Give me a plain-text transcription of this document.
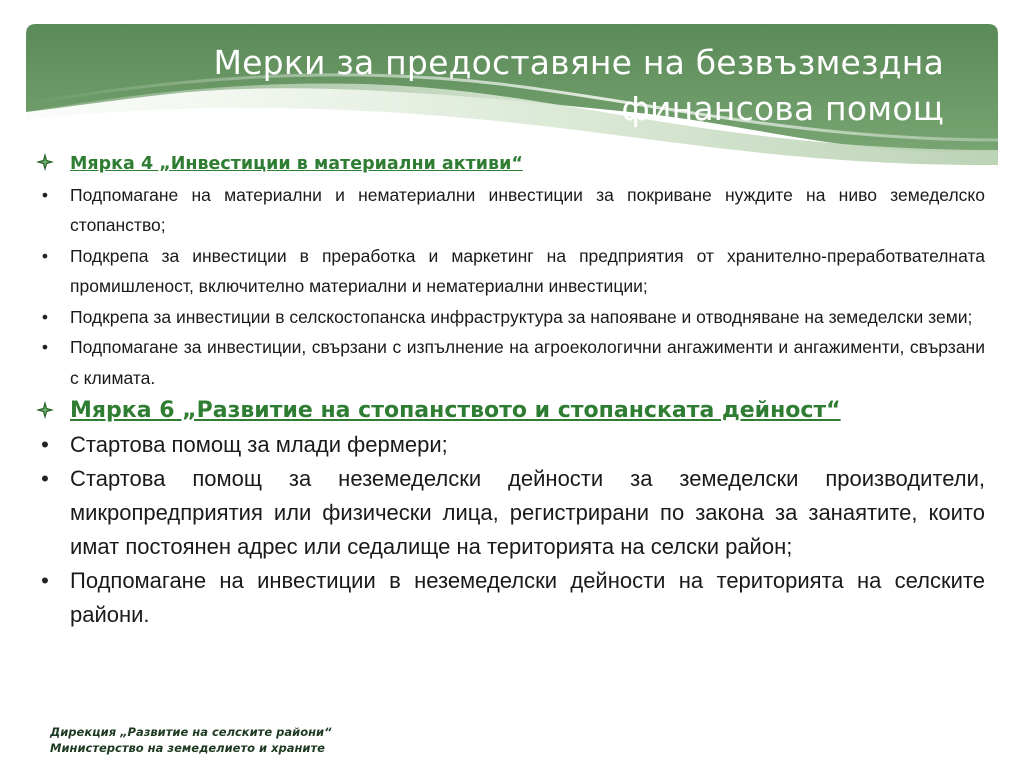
Мерки за предоставяне на безвъзмездна
финансова помощ
Мярка 4 „Инвестиции в материални активи“
•	Подпомагане на материални и нематериални инвестиции за покриване нуждите на ниво земеделско стопанство;
•	Подкрепа за инвестиции в преработка и маркетинг на предприятия от хранително-преработвателната промишленост, включително материални и нематериални инвестиции;
•	Подкрепа за инвестиции в селскостопанска инфраструктура за напояване и отводняване на земеделски земи;
•	Подпомагане за инвестиции, свързани с изпълнение на агроекологични ангажименти и ангажименти, свързани с климата.
Мярка 6 „Развитие на стопанството и стопанската дейност“
• Стартова помощ за млади фермери;
• Стартова помощ за неземеделски дейности за земеделски производители, микропредприятия или физически лица, регистрирани по закона за занаятите, които имат постоянен адрес или седалище на територията на селски район;
• Подпомагане на инвестиции в неземеделски дейности на територията на селските райони.
Дирекция „Развитие на селските райони“
Министерство на земеделието и храните
